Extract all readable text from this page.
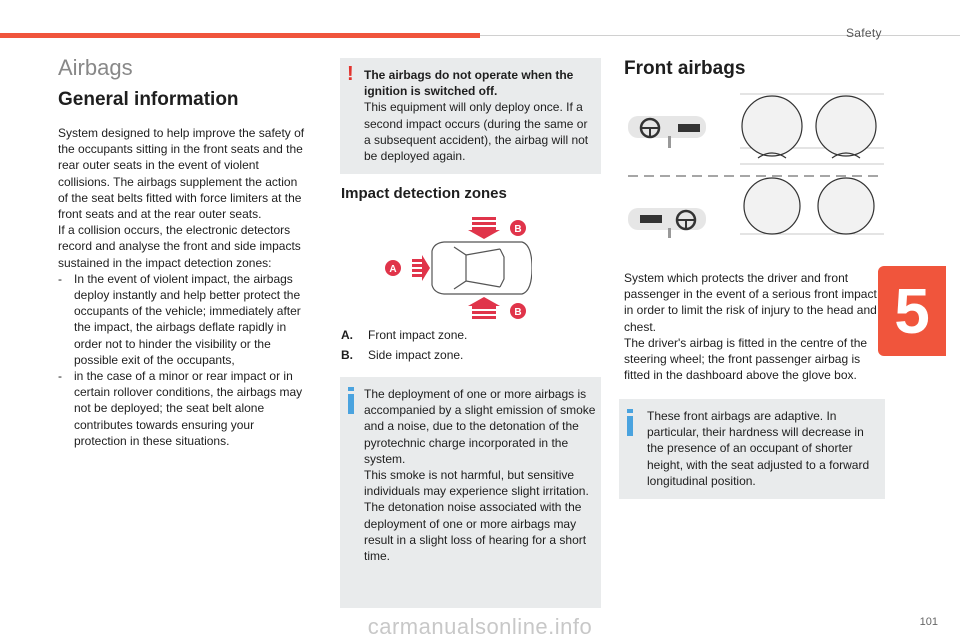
Safety
5
Airbags
General information

System designed to help improve the safety of the occupants sitting in the front seats and the rear outer seats in the event of violent collisions. The airbags supplement the action of the seat belts fitted with force limiters at the front seats and at the rear outer seats.

If a collision occurs, the electronic detectors record and analyse the front and side impacts sustained in the impact detection zones:

-	In the event of violent impact, the airbags deploy instantly and help better protect the occupants of the vehicle; immediately after the impact, the airbags deflate rapidly in order not to hinder the visibility or the possible exit of the occupants,
-	in the case of a minor or rear impact or in certain rollover conditions, the airbags may not be deployed; the seat belt alone contributes towards ensuring your protection in these situations.
! The airbags do not operate when the ignition is switched off.
This equipment will only deploy once. If a second impact occurs (during the same or a subsequent accident), the airbag will not be deployed again.
Impact detection zones
A
B
B
A.	Front impact zone.
B.	Side impact zone.

The deployment of one or more airbags is accompanied by a slight emission of smoke and a noise, due to the detonation of the pyrotechnic charge incorporated in the system.

This smoke is not harmful, but sensitive individuals may experience slight irritation. The detonation noise associated with the deployment of one or more airbags may result in a slight loss of hearing for a short time.

Front airbags

System which protects the driver and front passenger in the event of a serious front impact in order to limit the risk of injury to the head and chest.

The driver's airbag is fitted in the centre of the steering wheel; the front passenger airbag is fitted in the dashboard above the glove box.

These front airbags are adaptive. In particular, their hardness will decrease in the presence of an occupant of shorter height, with the seat adjusted to a forward longitudinal position.
carmanualsonline.info	101
